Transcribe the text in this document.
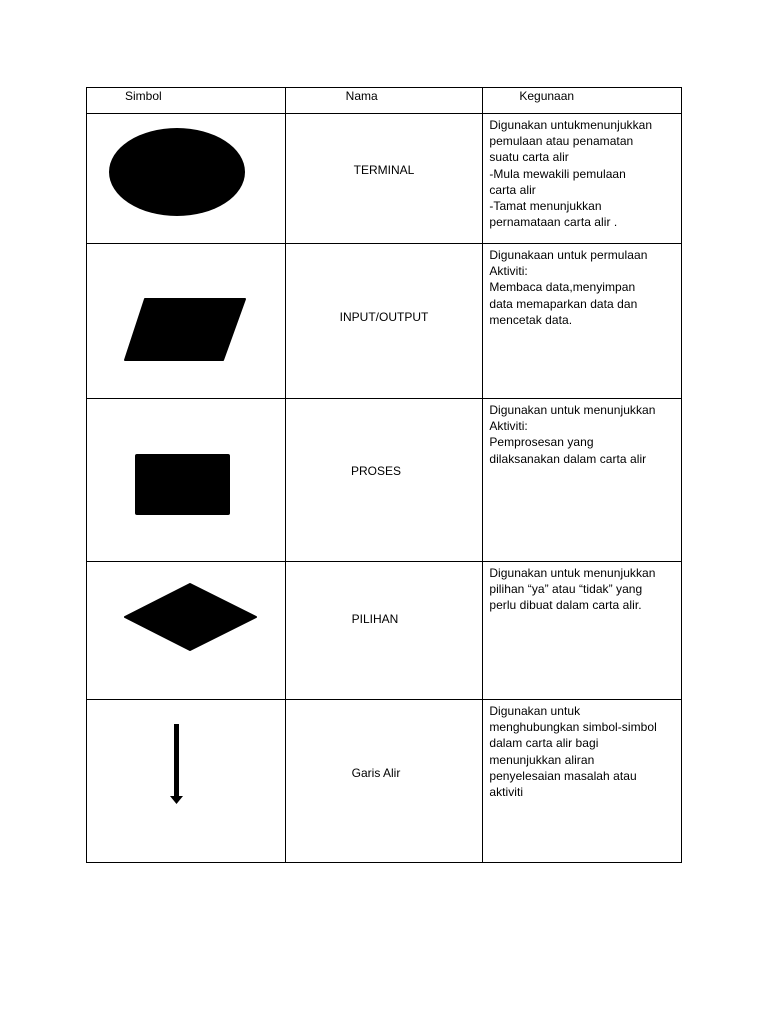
Simbol	Nama	Kegunaan
TERMINAL
Digunakan untukmenunjukkan
pemulaan atau penamatan
suatu carta alir
-Mula mewakili pemulaan
carta alir
-Tamat menunjukkan
pernamataan carta alir .
INPUT/OUTPUT
Digunakaan untuk permulaan
Aktiviti:
Membaca data,menyimpan
data memaparkan data dan
mencetak data.
PROSES
Digunakan untuk menunjukkan
Aktiviti:
Pemprosesan yang
dilaksanakan dalam carta alir
PILIHAN
Digunakan untuk menunjukkan
pilihan “ya” atau “tidak” yang
perlu dibuat dalam carta alir.
Garis Alir
Digunakan untuk
menghubungkan simbol-simbol
dalam carta alir bagi
menunjukkan aliran
penyelesaian masalah atau
aktiviti
